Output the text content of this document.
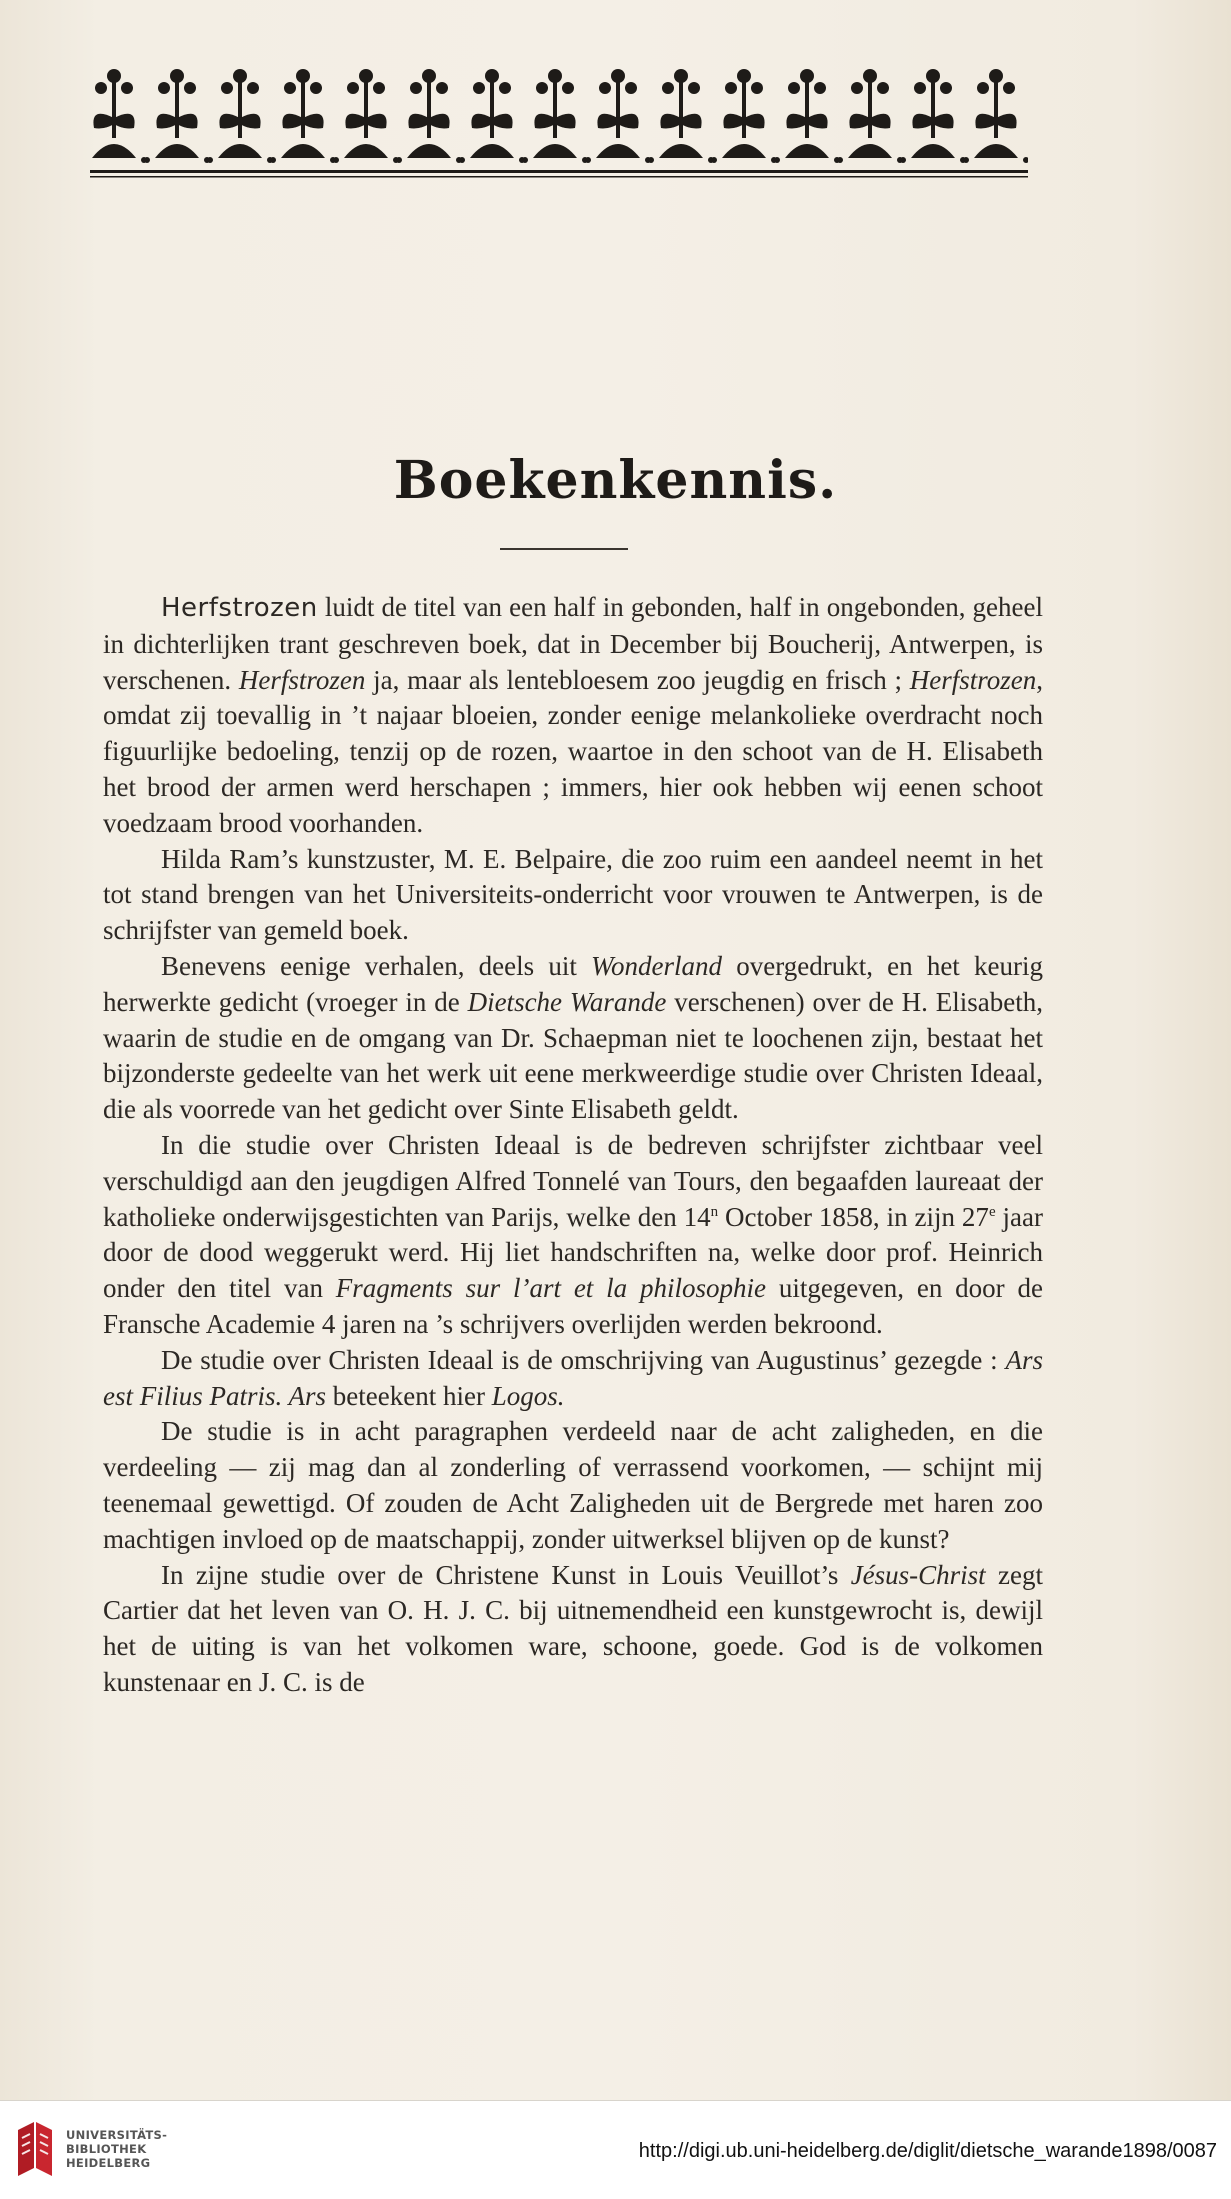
Boekenkennis.

Herfstrozen luidt de titel van een half in gebonden, half in ongebonden, geheel in dichterlijken trant geschreven boek, dat in December bij Boucherij, Antwerpen, is verschenen. Herfstrozen ja, maar als lentebloesem zoo jeugdig en frisch ; Herfstrozen, omdat zij toevallig in ’t najaar bloeien, zonder eenige melankolieke overdracht noch figuurlijke bedoeling, tenzij op de rozen, waartoe in den schoot van de H. Elisabeth het brood der armen werd herschapen ; immers, hier ook hebben wij eenen schoot voedzaam brood voorhanden.

Hilda Ram’s kunstzuster, M. E. Belpaire, die zoo ruim een aandeel neemt in het tot stand brengen van het Universiteits-onderricht voor vrouwen te Antwerpen, is de schrijfster van gemeld boek.

Benevens eenige verhalen, deels uit Wonderland overgedrukt, en het keurig herwerkte gedicht (vroeger in de Dietsche Warande verschenen) over de H. Elisabeth, waarin de studie en de omgang van Dr. Schaepman niet te loochenen zijn, bestaat het bijzonderste gedeelte van het werk uit eene merkweerdige studie over Christen Ideaal, die als voorrede van het gedicht over Sinte Elisabeth geldt.

In die studie over Christen Ideaal is de bedreven schrijfster zichtbaar veel verschuldigd aan den jeugdigen Alfred Tonnelé van Tours, den begaafden laureaat der katholieke onderwijsgestichten van Parijs, welke den 14$^n$ October 1858, in zijn 27e jaar door de dood weggerukt werd. Hij liet handschriften na, welke door prof. Heinrich onder den titel van Fragments sur l’art et la philosophie uitgegeven, en door de Fransche Academie 4 jaren na ’s schrijvers overlijden werden bekroond.

De studie over Christen Ideaal is de omschrijving van Augustinus’ gezegde : Ars est Filius Patris. Ars beteekent hier Logos.

De studie is in acht paragraphen verdeeld naar de acht zaligheden, en die verdeeling — zij mag dan al zonderling of verrassend voorkomen, — schijnt mij teenemaal gewettigd. Of zouden de Acht Zaligheden uit de Bergrede met haren zoo machtigen invloed op de maatschappij, zonder uitwerksel blijven op de kunst?

In zijne studie over de Christene Kunst in Louis Veuillot’s Jésus-Christ zegt Cartier dat het leven van O. H. J. C. bij uitnemendheid een kunstgewrocht is, dewijl het de uiting is van het volkomen ware, schoone, goede. God is de volkomen kunstenaar en J. C. is de

UNIVERSITÄTS-
BIBLIOTHEK
HEIDELBERG
http://digi.ub.uni-heidelberg.de/diglit/dietsche_warande1898/0087
